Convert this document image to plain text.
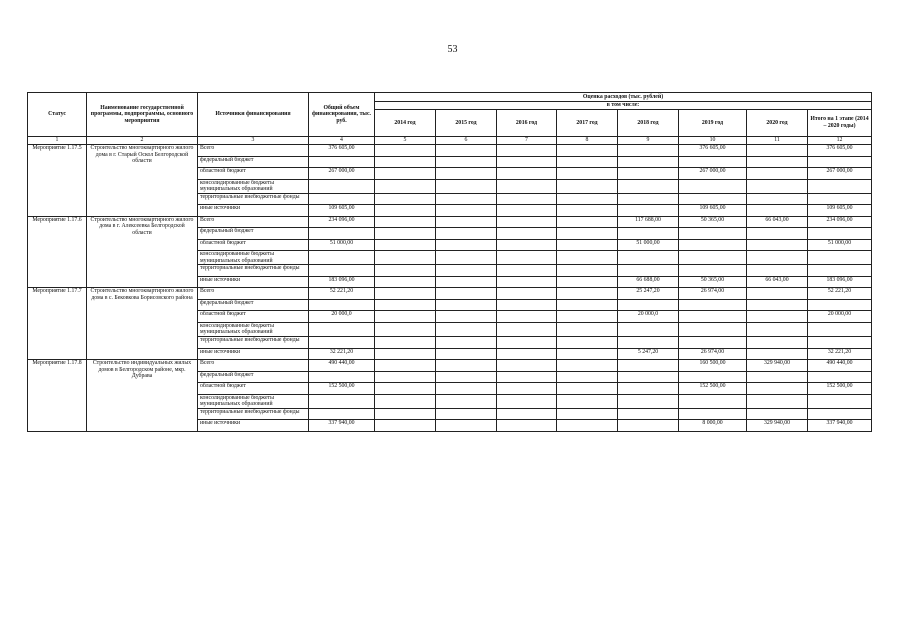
53
Статус	Наименование государственной программы, подпрограммы, основного мероприятия	Источники финансирования	Общий объем финансирования, тыс. руб.	Оценка расходов (тыс. рублей)							
				в том числе:							
				2014 год	2015 год	2016 год	2017 год	2018 год	2019 год	2020 год	Итого на 1 этапе (2014 – 2020 годы)
1	2	3	4	5	6	7	8	9	10	11	12
Мероприятие 1.17.5	Строительство многоквартирного жилого дома в г. Старый Оскол Белгородской области	Всего	376 605,00						376 605,00		376 605,00
		федеральный бюджет									
		областной бюджет	267 000,00						267 000,00		267 000,00
		консолидированные бюджеты муниципальных образований									
		территориальные внебюджетные фонды									
		иные источники	109 605,00						109 605,00		109 605,00
Мероприятие 1.17.6	Строительство многоквартирного жилого дома в г. Алексеевка Белгородской области	Всего	234 096,00					117 688,00	50 365,00	66 043,00	234 096,00
		федеральный бюджет									
		областной бюджет	51 000,00					51 000,00			51 000,00
		консолидированные бюджеты муниципальных образований									
		территориальные внебюджетные фонды									
		иные источники	183 096,00					66 688,00	50 365,00	66 043,00	183 096,00
Мероприятие 1.17.7	Строительство многоквартирного жилого дома в с. Бековкова Борисовского района	Всего	52 221,20					25 247,20	26 974,00		52 221,20
		федеральный бюджет									
		областной бюджет	20 000,0					20 000,0			20 000,00
		консолидированные бюджеты муниципальных образований									
		территориальные внебюджетные фонды									
		иные источники	32 221,20					5 247,20	26 974,00		32 221,20
Мероприятие 1.17.8	Строительство индивидуальных жилых домов в Белгородском районе, мкр. Дубрава	Всего	490 440,00						160 500,00	329 940,00	490 440,00
		федеральный бюджет									
		областной бюджет	152 500,00						152 500,00		152 500,00
		консолидированные бюджеты муниципальных образований									
		территориальные внебюджетные фонды									
		иные источники	337 940,00						8 000,00	329 940,00	337 940,00
